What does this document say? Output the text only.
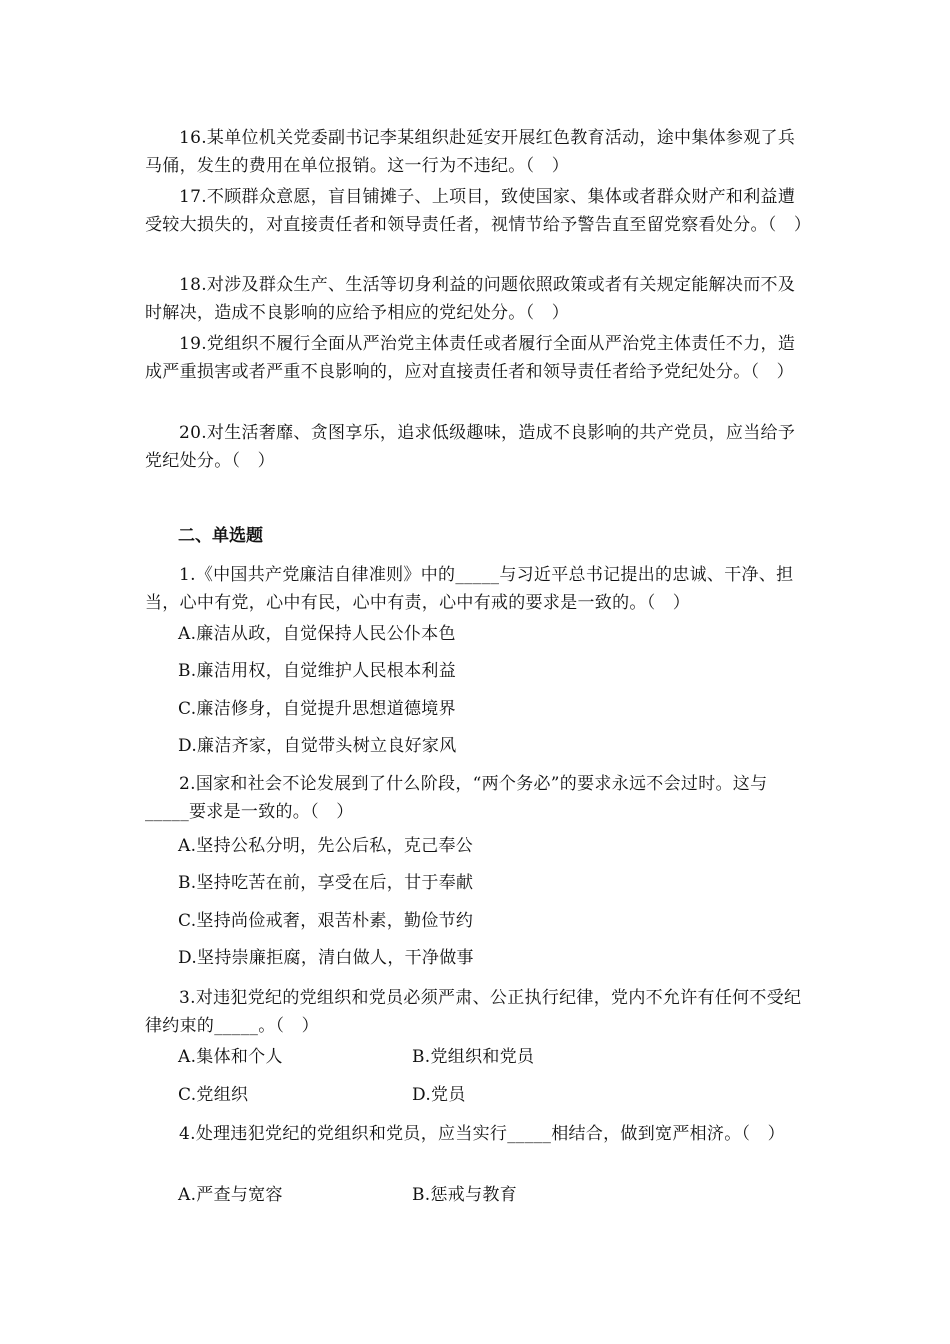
16.某单位机关党委副书记李某组织赴延安开展红色教育活动，途中集体参观了兵马俑，发生的费用在单位报销。这一行为不违纪。（　）

17.不顾群众意愿，盲目铺摊子、上项目，致使国家、集体或者群众财产和利益遭受较大损失的，对直接责任者和领导责任者，视情节给予警告直至留党察看处分。（　）

18.对涉及群众生产、生活等切身利益的问题依照政策或者有关规定能解决而不及时解决，造成不良影响的应给予相应的党纪处分。（　）

19.党组织不履行全面从严治党主体责任或者履行全面从严治党主体责任不力，造成严重损害或者严重不良影响的，应对直接责任者和领导责任者给予党纪处分。（　）

20.对生活奢靡、贪图享乐，追求低级趣味，造成不良影响的共产党员，应当给予党纪处分。（　）

二、单选题

1.《中国共产党廉洁自律准则》中的_____与习近平总书记提出的忠诚、干净、担当，心中有党，心中有民，心中有责，心中有戒的要求是一致的。（　）

A.廉洁从政，自觉保持人民公仆本色
B.廉洁用权，自觉维护人民根本利益
C.廉洁修身，自觉提升思想道德境界
D.廉洁齐家，自觉带头树立良好家风

2.国家和社会不论发展到了什么阶段，“两个务必”的要求永远不会过时。这与_____要求是一致的。（　）

A.坚持公私分明，先公后私，克己奉公
B.坚持吃苦在前，享受在后，甘于奉献
C.坚持尚俭戒奢，艰苦朴素，勤俭节约
D.坚持崇廉拒腐，清白做人，干净做事

3.对违犯党纪的党组织和党员必须严肃、公正执行纪律，党内不允许有任何不受纪律约束的_____。（　）

A.集体和个人	B.党组织和党员
C.党组织	D.党员

4.处理违犯党纪的党组织和党员，应当实行_____相结合，做到宽严相济。（　）

A.严查与宽容	B.惩戒与教育
